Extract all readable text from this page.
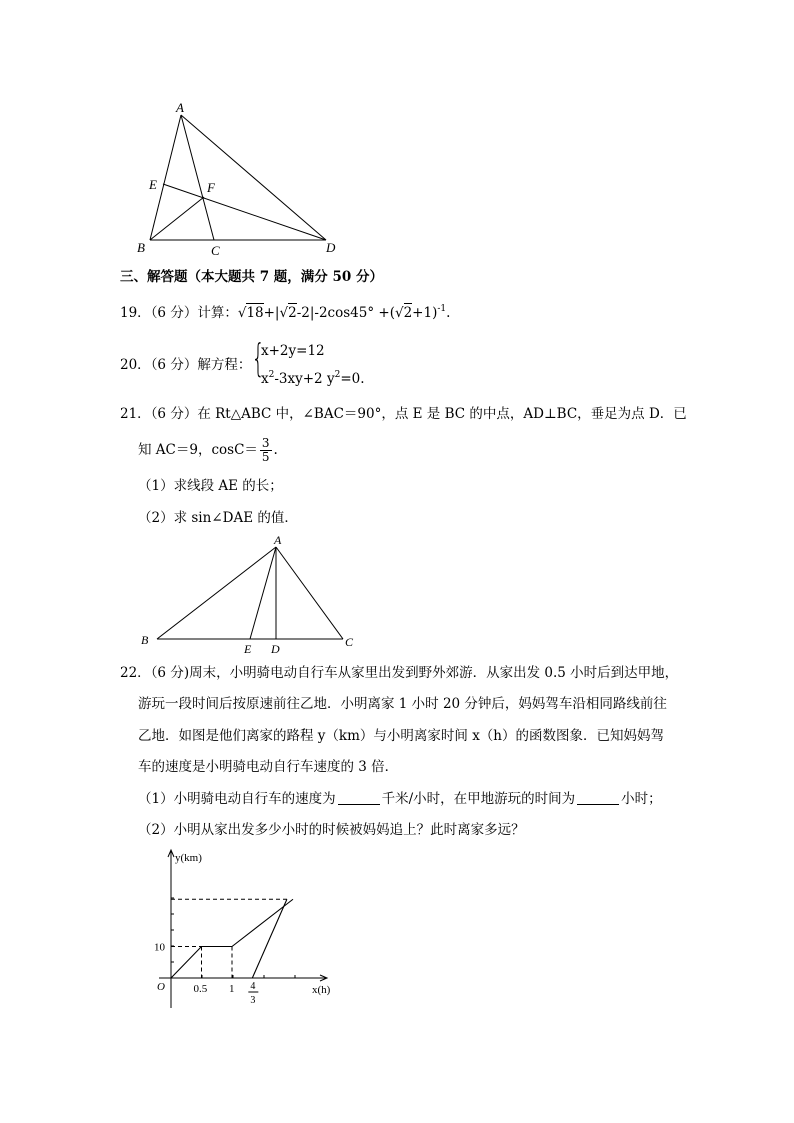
A
E	F
B	C	D
三、解答题（本大题共 7 题，满分 50 分）
19．（6 分）计算：$√18+|√2-2|-2\cos 45^\circ +(√2+1)^{-1}$.
20．（6 分）解方程： {
x+2y=12
$x^2-3xy+2$ $y^2=0$.
21．（6 分）在 Rt△ABC 中，∠BAC＝90°，点 E 是 BC 的中点，AD⊥BC，垂足为点 D．已
知 AC＝9，$\cos C= \frac{3}{5}$ .
（1）求线段 AE 的长；
（2）求 sin∠DAE 的值．
A
B
E D	C
22．（6 分)周末，小明骑电动自行车从家里出发到野外郊游．从家出发 0.5 小时后到达甲地，
游玩一段时间后按原速前往乙地．小明离家 1 小时 20 分钟后，妈妈驾车沿相同路线前往
乙地．如图是他们离家的路程 y（km）与小明离家时间 x（h）的函数图象．已知妈妈驾
车的速度是小明骑电动自行车速度的 3 倍．
（1）小明骑电动自行车的速度为	千米/小时，在甲地游玩的时间为	小时；
（2）小明从家出发多少小时的时候被妈妈追上？此时离家多远？
y(km)
x(h)
O
10
0.5 1 4
3
